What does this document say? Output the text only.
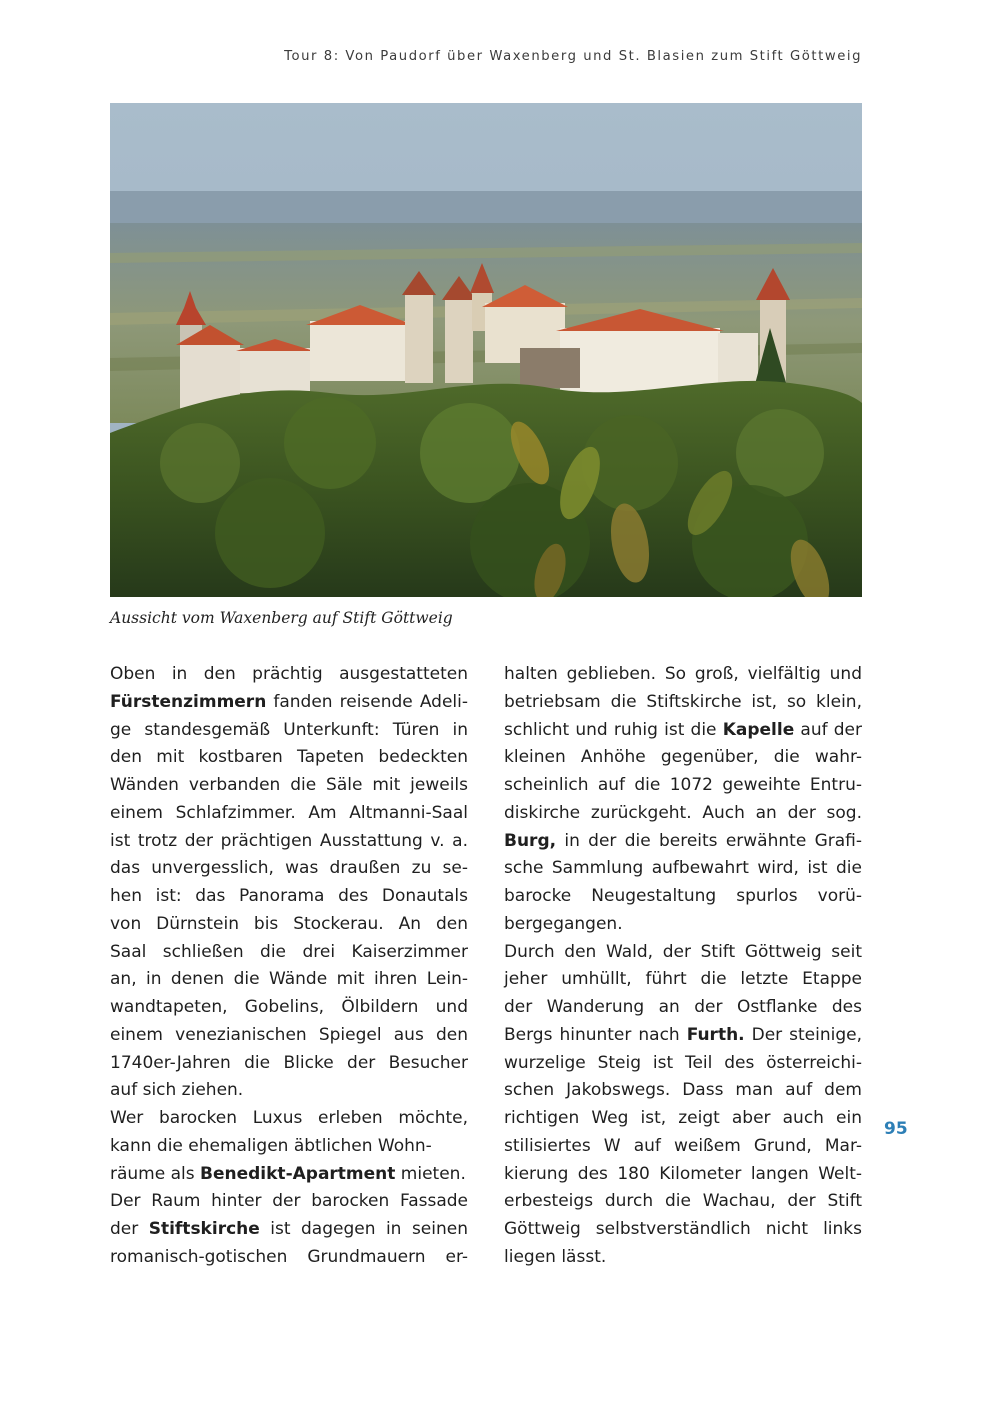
Tour 8: Von Paudorf über Waxenberg und St. Blasien zum Stift Göttweig
Aussicht vom Waxenberg auf Stift Göttweig
Oben in den prächtig ausgestatteten
Fürstenzimmern fanden reisende Adeli-
ge standesgemäß Unterkunft: Türen in
den mit kostbaren Tapeten bedeckten
Wänden verbanden die Säle mit jeweils
einem Schlafzimmer. Am Altmanni-Saal
ist trotz der prächtigen Ausstattung v. a.
das unvergesslich, was draußen zu se-
hen ist: das Panorama des Donautals
von Dürnstein bis Stockerau. An den
Saal schließen die drei Kaiserzimmer
an, in denen die Wände mit ihren Lein-
wandtapeten, Gobelins, Ölbildern und
einem venezianischen Spiegel aus den
1740er-Jahren die Blicke der Besucher
auf sich ziehen.
Wer barocken Luxus erleben möchte,
kann die ehemaligen äbtlichen Wohn-
räume als Benedikt-Apartment mieten.
Der Raum hinter der barocken Fassade
der Stiftskirche ist dagegen in seinen
romanisch-gotischen Grundmauern er-
halten geblieben. So groß, vielfältig und
betriebsam die Stiftskirche ist, so klein,
schlicht und ruhig ist die Kapelle auf der
kleinen Anhöhe gegenüber, die wahr-
scheinlich auf die 1072 geweihte Entru-
diskirche zurückgeht. Auch an der sog.
Burg, in der die bereits erwähnte Grafi-
sche Sammlung aufbewahrt wird, ist die
barocke Neugestaltung spurlos vorü-
bergegangen.
Durch den Wald, der Stift Göttweig seit
jeher umhüllt, führt die letzte Etappe
der Wanderung an der Ostflanke des
Bergs hinunter nach Furth. Der steinige,
wurzelige Steig ist Teil des österreichi-
schen Jakobswegs. Dass man auf dem
richtigen Weg ist, zeigt aber auch ein
stilisiertes W auf weißem Grund, Mar-
kierung des 180 Kilometer langen Welt-
erbesteigs durch die Wachau, der Stift
Göttweig selbstverständlich nicht links
liegen lässt.
95
